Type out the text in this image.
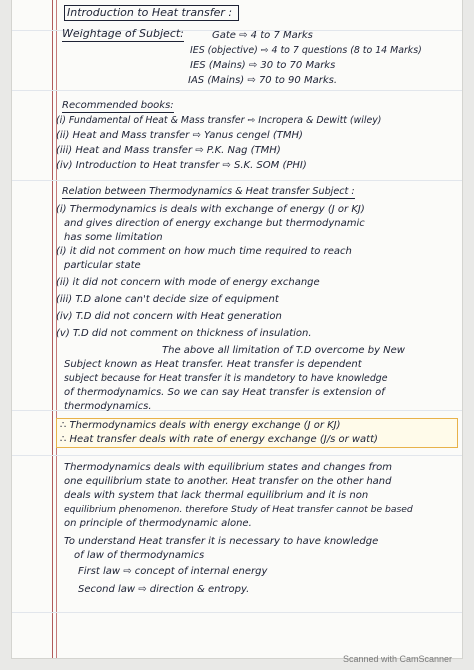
Introduction to Heat transfer :
Weightage of Subject:	Gate ⇨ 4 to 7 Marks
IES (objective) ⇨ 4 to 7 questions (8 to 14 Marks)
IES (Mains) ⇨ 30 to 70 Marks
IAS (Mains) ⇨ 70 to 90 Marks.
Recommended books:
(i) Fundamental of Heat & Mass transfer ⇨ Incropera & Dewitt (wiley)
(ii) Heat and Mass transfer ⇨ Yanus cengel (TMH)
(iii) Heat and Mass transfer ⇨ P.K. Nag (TMH)
(iv) Introduction to Heat transfer ⇨ S.K. SOM (PHI)
Relation between Thermodynamics & Heat transfer Subject :
(i) Thermodynamics is deals with exchange of energy (J or KJ)
and gives direction of energy exchange but thermodynamic
has some limitation
(i) it did not comment on how much time required to reach
particular state
(ii) it did not concern with mode of energy exchange
(iii) T.D alone can't decide size of equipment
(iv) T.D did not concern with Heat generation
(v) T.D did not comment on thickness of insulation.
The above all limitation of T.D overcome by New
Subject known as Heat transfer. Heat transfer is dependent
subject because for Heat transfer it is mandetory to have knowledge
of thermodynamics. So we can say Heat transfer is extension of
thermodynamics.
∴ Thermodynamics deals with energy exchange (J or KJ)
∴ Heat transfer deals with rate of energy exchange (J/s or watt)
Thermodynamics deals with equilibrium states and changes from
one equilibrium state to another. Heat transfer on the other hand
deals with system that lack thermal equilibrium and it is non
equilibrium phenomenon. therefore Study of Heat transfer cannot be based
on principle of thermodynamic alone.
To understand Heat transfer it is necessary to have knowledge
of law of thermodynamics
First law ⇨ concept of internal energy
Second law ⇨ direction & entropy.
Scanned with CamScanner
